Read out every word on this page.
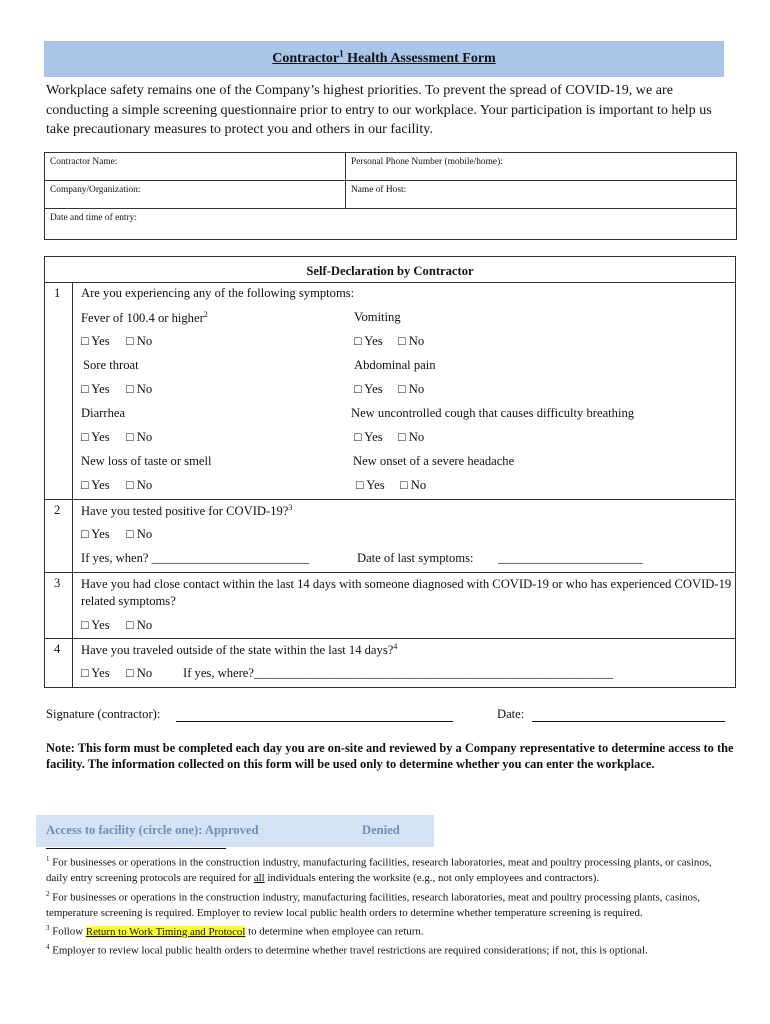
Contractor$^1$ Health Assessment Form
Workplace safety remains one of the Company’s highest priorities. To prevent the spread of COVID-19, we are conducting a simple screening questionnaire prior to entry to our workplace. Your participation is important to help us take precautionary measures to protect you and others in our facility.
Contractor Name:	Personal Phone Number (mobile/home):
Company/Organization:	Name of Host:
Date and time of entry:	
Self-Declaration by Contractor
1 Are you experiencing any of the following symptoms:
Fever of 100.4 or higher$^2$	Vomiting
□ Yes □ No	□ Yes □ No
Sore throat	Abdominal pain
□ Yes □ No	□ Yes □ No
Diarrhea	New uncontrolled cough that causes difficulty breathing
□ Yes □ No	□ Yes □ No
New loss of taste or smell	New onset of a severe headache
□ Yes □ No	□ Yes □ No
2 Have you tested positive for COVID-19?$^3$
□ Yes □ No
If yes, when? _________________________	Date of last symptoms: _______________________
3 Have you had close contact within the last 14 days with someone diagnosed with COVID-19 or who has experienced COVID-19 related symptoms?
□ Yes □ No
4 Have you traveled outside of the state within the last 14 days?$^4$
□ Yes □ No If yes, where?_________________________________________________________
Signature (contractor):	Date:
Note: This form must be completed each day you are on-site and reviewed by a Company representative to determine access to the facility. The information collected on this form will be used only to determine whether you can enter the workplace.
Access to facility (circle one): Approved	Denied
$^1$ For businesses or operations in the construction industry, manufacturing facilities, research laboratories, meat and poultry processing plants, or casinos, daily entry screening protocols are required for all individuals entering the worksite (e.g., not only employees and contractors).
$^2$ For businesses or operations in the construction industry, manufacturing facilities, research laboratories, meat and poultry processing plants, casinos, temperature screening is required. Employer to review local public health orders to determine whether temperature screening is required.
$^3$ Follow Return to Work Timing and Protocol to determine when employee can return.
$^4$ Employer to review local public health orders to determine whether travel restrictions are required considerations; if not, this is optional.
